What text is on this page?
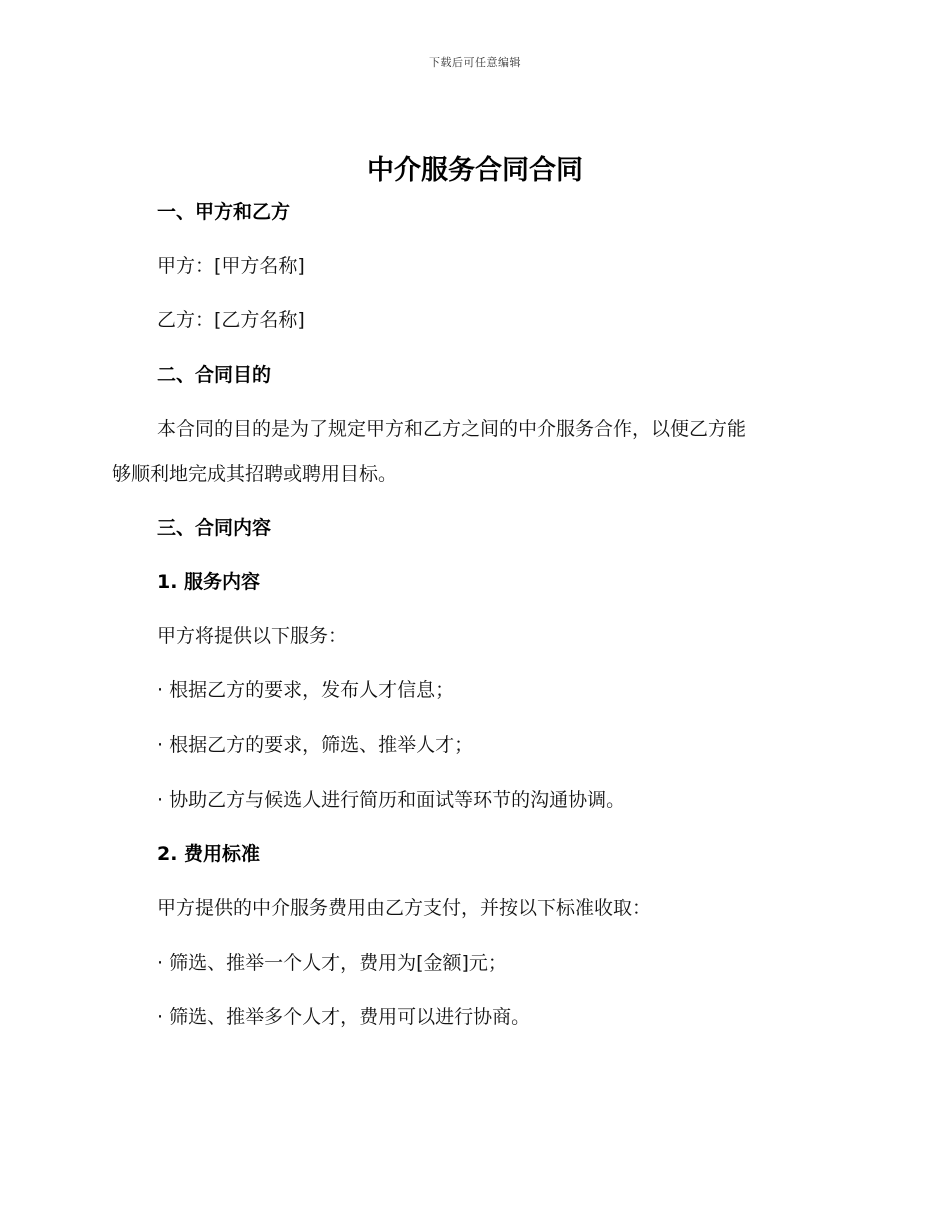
下载后可任意编辑
中介服务合同合同

一、甲方和乙方

甲方：[甲方名称]

乙方：[乙方名称]

二、合同目的

本合同的目的是为了规定甲方和乙方之间的中介服务合作，以便乙方能

够顺利地完成其招聘或聘用目标。

三、合同内容

1. 服务内容

甲方将提供以下服务：

· 根据乙方的要求，发布人才信息；

· 根据乙方的要求，筛选、推举人才；

· 协助乙方与候选人进行简历和面试等环节的沟通协调。

2. 费用标准

甲方提供的中介服务费用由乙方支付，并按以下标准收取：

· 筛选、推举一个人才，费用为[金额]元；

· 筛选、推举多个人才，费用可以进行协商。
